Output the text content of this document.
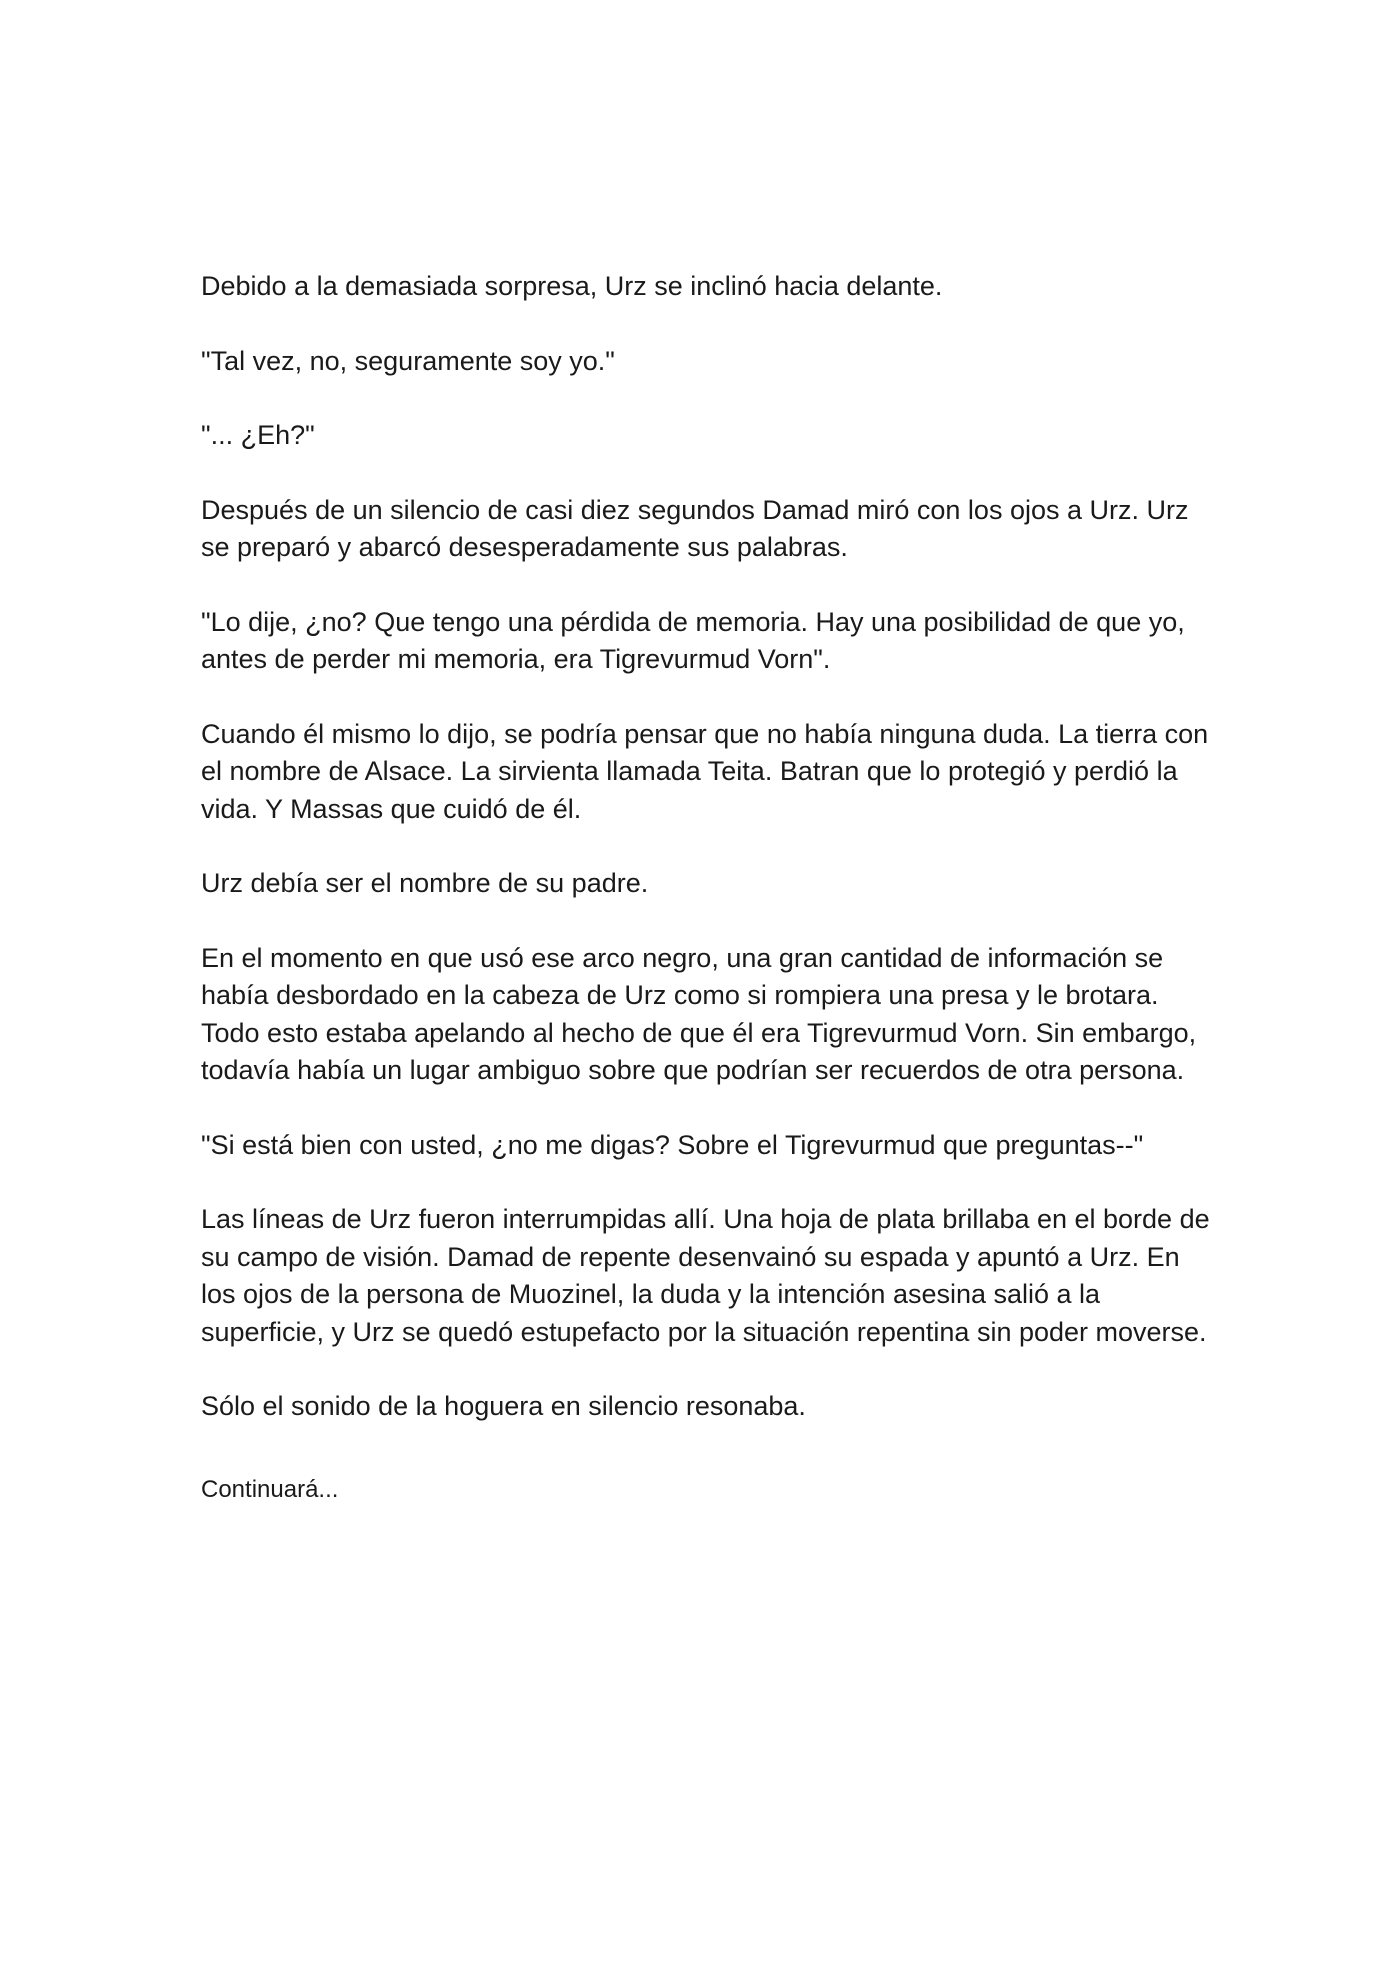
Debido a la demasiada sorpresa, Urz se inclinó hacia delante.

"Tal vez, no, seguramente soy yo."

"... ¿Eh?"

Después de un silencio de casi diez segundos Damad miró con los ojos a Urz. Urz se preparó y abarcó desesperadamente sus palabras.

"Lo dije, ¿no? Que tengo una pérdida de memoria. Hay una posibilidad de que yo, antes de perder mi memoria, era Tigrevurmud Vorn".

Cuando él mismo lo dijo, se podría pensar que no había ninguna duda. La tierra con el nombre de Alsace. La sirvienta llamada Teita. Batran que lo protegió y perdió la vida. Y Massas que cuidó de él.

Urz debía ser el nombre de su padre.

En el momento en que usó ese arco negro, una gran cantidad de información se había desbordado en la cabeza de Urz como si rompiera una presa y le brotara. Todo esto estaba apelando al hecho de que él era Tigrevurmud Vorn. Sin embargo, todavía había un lugar ambiguo sobre que podrían ser recuerdos de otra persona.

"Si está bien con usted, ¿no me digas? Sobre el Tigrevurmud que preguntas--"

Las líneas de Urz fueron interrumpidas allí. Una hoja de plata brillaba en el borde de su campo de visión. Damad de repente desenvainó su espada y apuntó a Urz. En los ojos de la persona de Muozinel, la duda y la intención asesina salió a la superficie, y Urz se quedó estupefacto por la situación repentina sin poder moverse.

Sólo el sonido de la hoguera en silencio resonaba.

Continuará...
